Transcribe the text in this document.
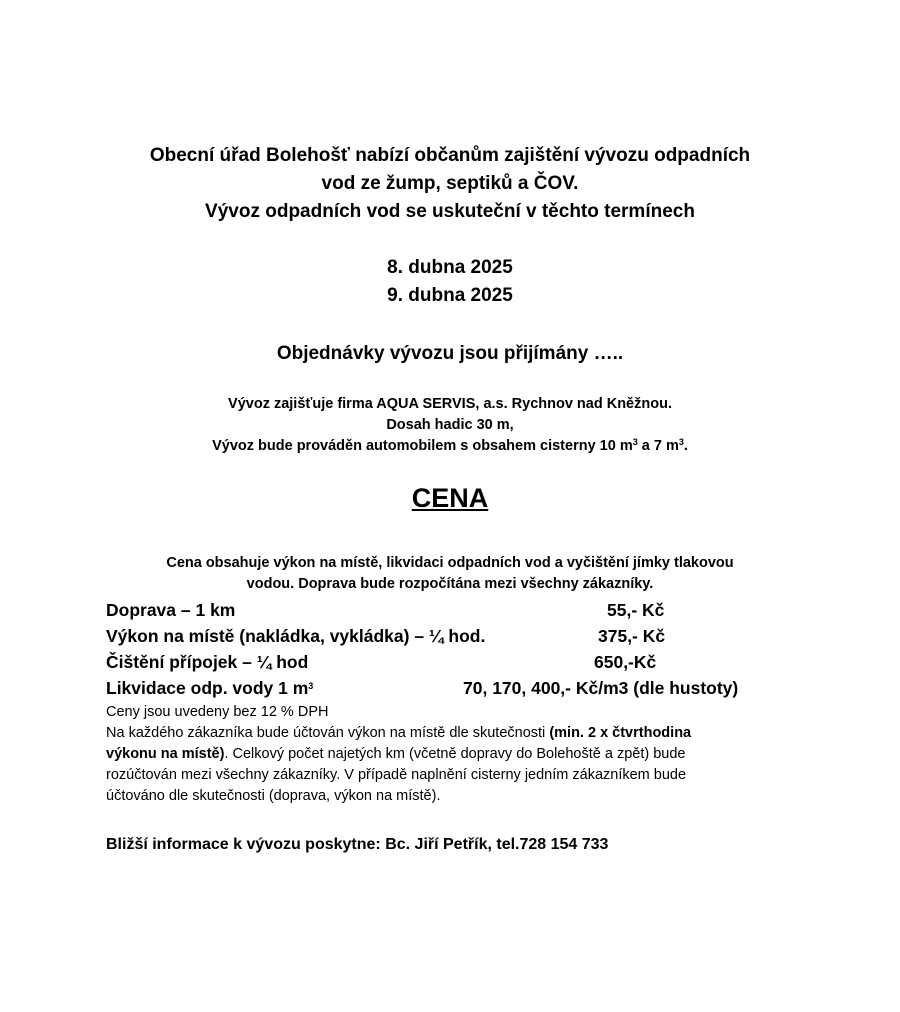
Obecní úřad Bolehošť nabízí občanům zajištění vývozu odpadních
vod ze žump, septiků a ČOV.
Vývoz odpadních vod se uskuteční v těchto termínech
8. dubna 2025
9. dubna 2025
Objednávky vývozu jsou přijímány …..
Vývoz zajišťuje firma AQUA SERVIS, a.s. Rychnov nad Kněžnou.
Dosah hadic 30 m,
Vývoz bude prováděn automobilem s obsahem cisterny 10 $m^3$ a 7 $m^3$.
CENA
Cena obsahuje výkon na místě, likvidaci odpadních vod a vyčištění jímky tlakovou
vodou. Doprava bude rozpočítána mezi všechny zákazníky.
Doprava – 1 km	55,- Kč
Výkon na místě (nakládka, vykládka) – ¼ hod.	375,- Kč
Čištění přípojek – ¼ hod	650,-Kč
Likvidace odp. vody 1 $m^3$	70, 170, 400,- Kč/m3 (dle hustoty)
Ceny jsou uvedeny bez 12 % DPH
Na každého zákazníka bude účtován výkon na místě dle skutečnosti (min. 2 x čtvrthodina
výkonu na místě). Celkový počet najetých km (včetně dopravy do Bolehoště a zpět) bude
rozúčtován mezi všechny zákazníky. V případě naplnění cisterny jedním zákazníkem bude
účtováno dle skutečnosti (doprava, výkon na místě).
Bližší informace k vývozu poskytne: Bc. Jiří Petřík, tel.728 154 733
